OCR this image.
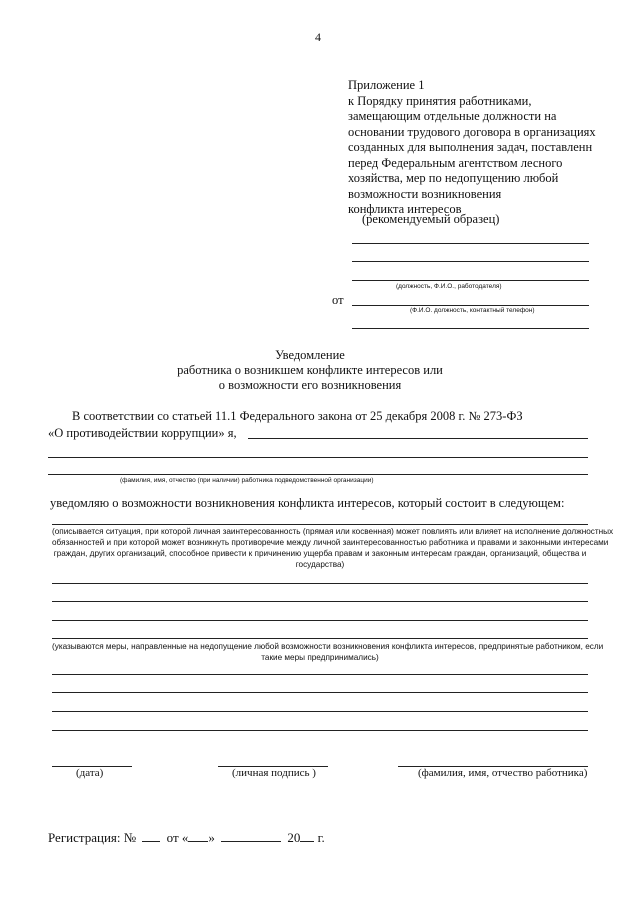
4
Приложение 1
к Порядку принятия работниками,
замещающим отдельные должности на
основании трудового договора в организациях
созданных для выполнения задач, поставленн
перед Федеральным агентством лесного
хозяйства, мер по недопущению любой
возможности возникновения
конфликта интересов
(рекомендуемый образец)
(должность, Ф.И.О., работодателя)
от
(Ф.И.О. должность, контактный телефон)
Уведомление
работника о возникшем конфликте интересов или
о возможности его возникновения
В соответствии со статьей 11.1 Федерального закона от 25 декабря 2008 г. № 273-ФЗ
«О противодействии коррупции» я,
(фамилия, имя, отчество (при наличии) работника подведомственной организации)
уведомляю о возможности возникновения конфликта интересов, который состоит в следующем:
(описывается ситуация, при которой личная заинтересованность (прямая или косвенная) может повлиять или влияет на исполнение должностных
обязанностей и при которой может возникнуть противоречие между личной заинтересованностью работника и правами и законными интересами
граждан, других организаций, способное привести к причинению ущерба правам и законным интересам граждан, организаций, общества и
государства)
(указываются меры, направленные на недопущение любой возможности возникновения конфликта интересов, предпринятые работником, если
такие меры предпринимались)
(дата)	(личная подпись )	(фамилия, имя, отчество работника)
Регистрация: № от « »	20 г.
